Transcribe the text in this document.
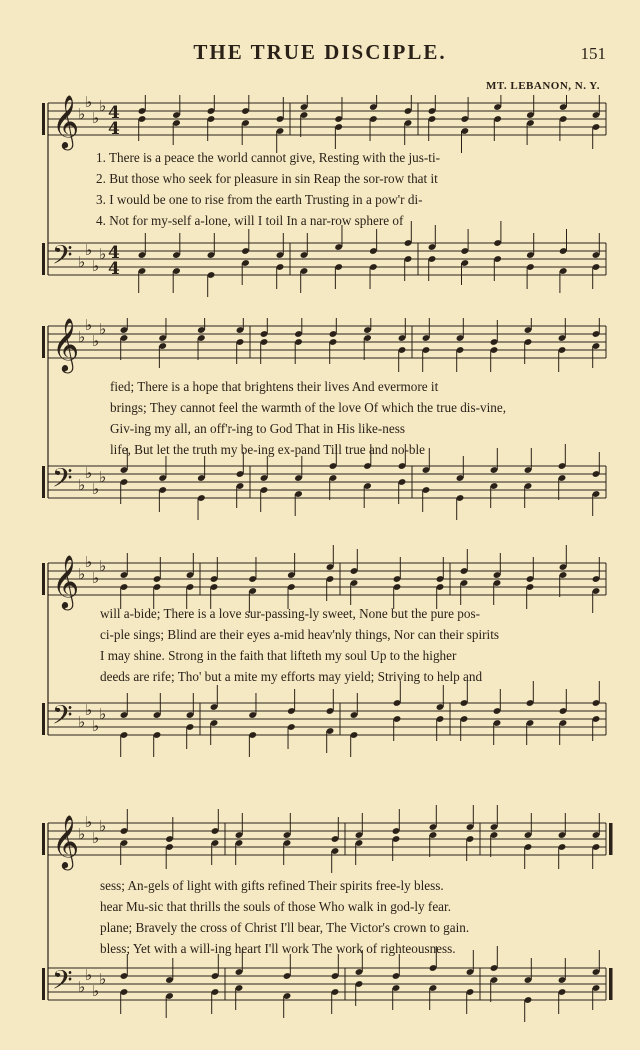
THE TRUE DISCIPLE.	151
MT. LEBANON, N. Y.
𝄞
𝄢
♭
♭
♭
♭
♭
♭
♭
♭
4
4
4
4
1. There is a peace the world cannot give, Resting with the jus-ti-
2. But those who seek for pleasure in sin Reap the sor-row that it
3. I would be one to rise from the earth Trusting in a pow'r di-
4. Not for my-self a-lone, will I toil In a nar-row sphere of
𝄞
𝄢
♭
♭
♭
♭
♭
♭
♭
♭
fied; There is a hope that brightens their lives And evermore it
brings; They cannot feel the warmth of the love Of which the true dis-vine,
Giv-ing my all, an off'r-ing to God That in His like-ness
life, But let the truth my be-ing ex-pand Till true and no-ble
𝄞
𝄢
♭
♭
♭
♭
♭
♭
♭
♭
will a-bide; There is a love sur-passing-ly sweet, None but the pure pos-
ci-ple sings; Blind are their eyes a-mid heav'nly things, Nor can their spirits
I may shine. Strong in the faith that lifteth my soul Up to the higher
deeds are rife; Tho' but a mite my efforts may yield; Striving to help and
𝄞
𝄢
♭
♭
♭
♭
♭
♭
♭
♭
sess; An-gels of light with gifts refined Their spirits free-ly bless.
hear Mu-sic that thrills the souls of those Who walk in god-ly fear.
plane; Bravely the cross of Christ I'll bear, The Victor's crown to gain.
bless; Yet with a will-ing heart I'll work The work of righteousness.
